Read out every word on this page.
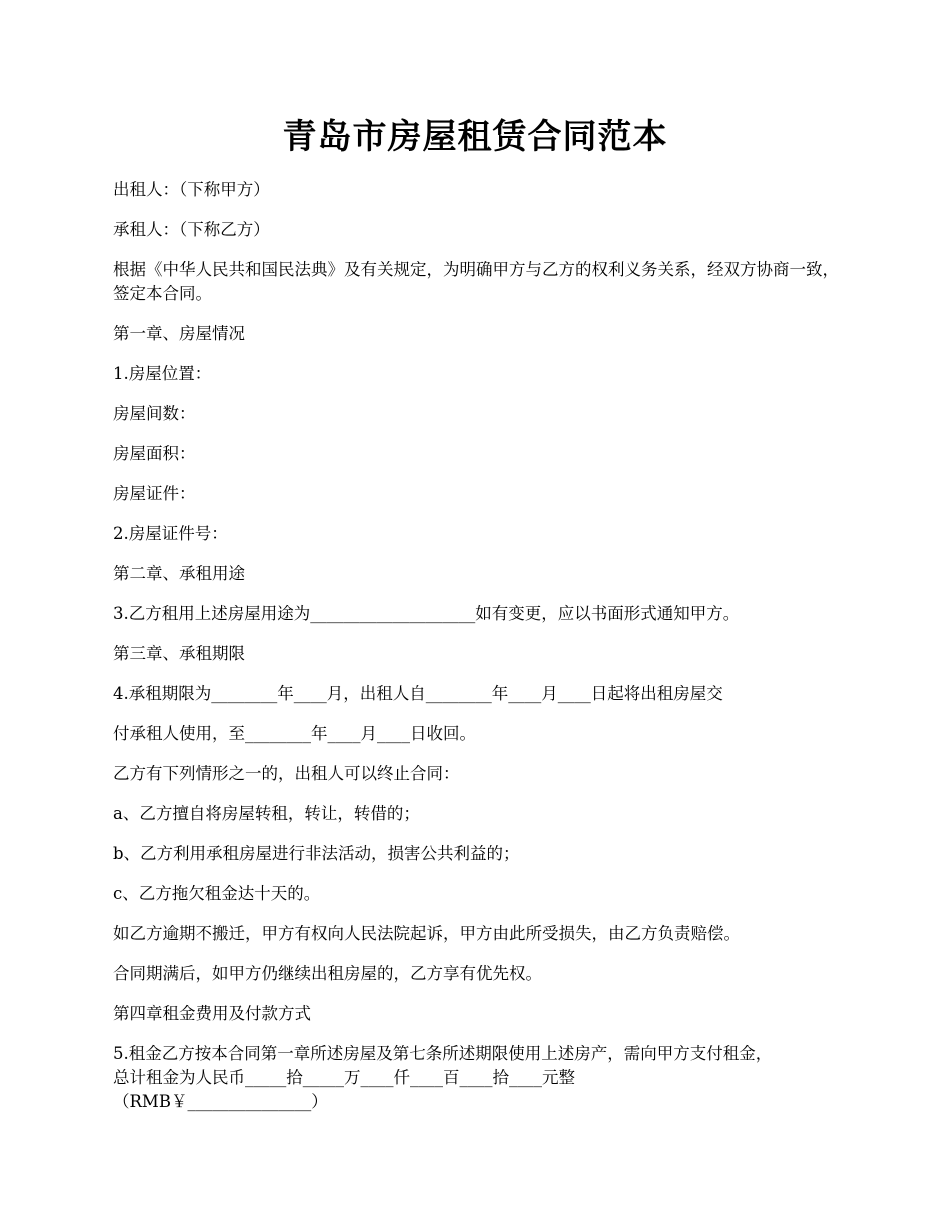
青岛市房屋租赁合同范本

出租人：（下称甲方）

承租人：（下称乙方）

根据《中华人民共和国民法典》及有关规定，为明确甲方与乙方的权利义务关系，经双方协商一致，签定本合同。

第一章、房屋情况

1.房屋位置：

房屋间数：

房屋面积：

房屋证件：

2.房屋证件号：

第二章、承租用途

3.乙方租用上述房屋用途为____________________如有变更，应以书面形式通知甲方。

第三章、承租期限

4.承租期限为________年____月，出租人自________年____月____日起将出租房屋交

付承租人使用，至________年____月____日收回。

乙方有下列情形之一的，出租人可以终止合同：

a、乙方擅自将房屋转租，转让，转借的；

b、乙方利用承租房屋进行非法活动，损害公共利益的；

c、乙方拖欠租金达十天的。

如乙方逾期不搬迁，甲方有权向人民法院起诉，甲方由此所受损失，由乙方负责赔偿。

合同期满后，如甲方仍继续出租房屋的，乙方享有优先权。

第四章租金费用及付款方式

5.租金乙方按本合同第一章所述房屋及第七条所述期限使用上述房产，需向甲方支付租金，
总计租金为人民币_____拾_____万____仟____百____拾____元整
（RMB￥_______________）
